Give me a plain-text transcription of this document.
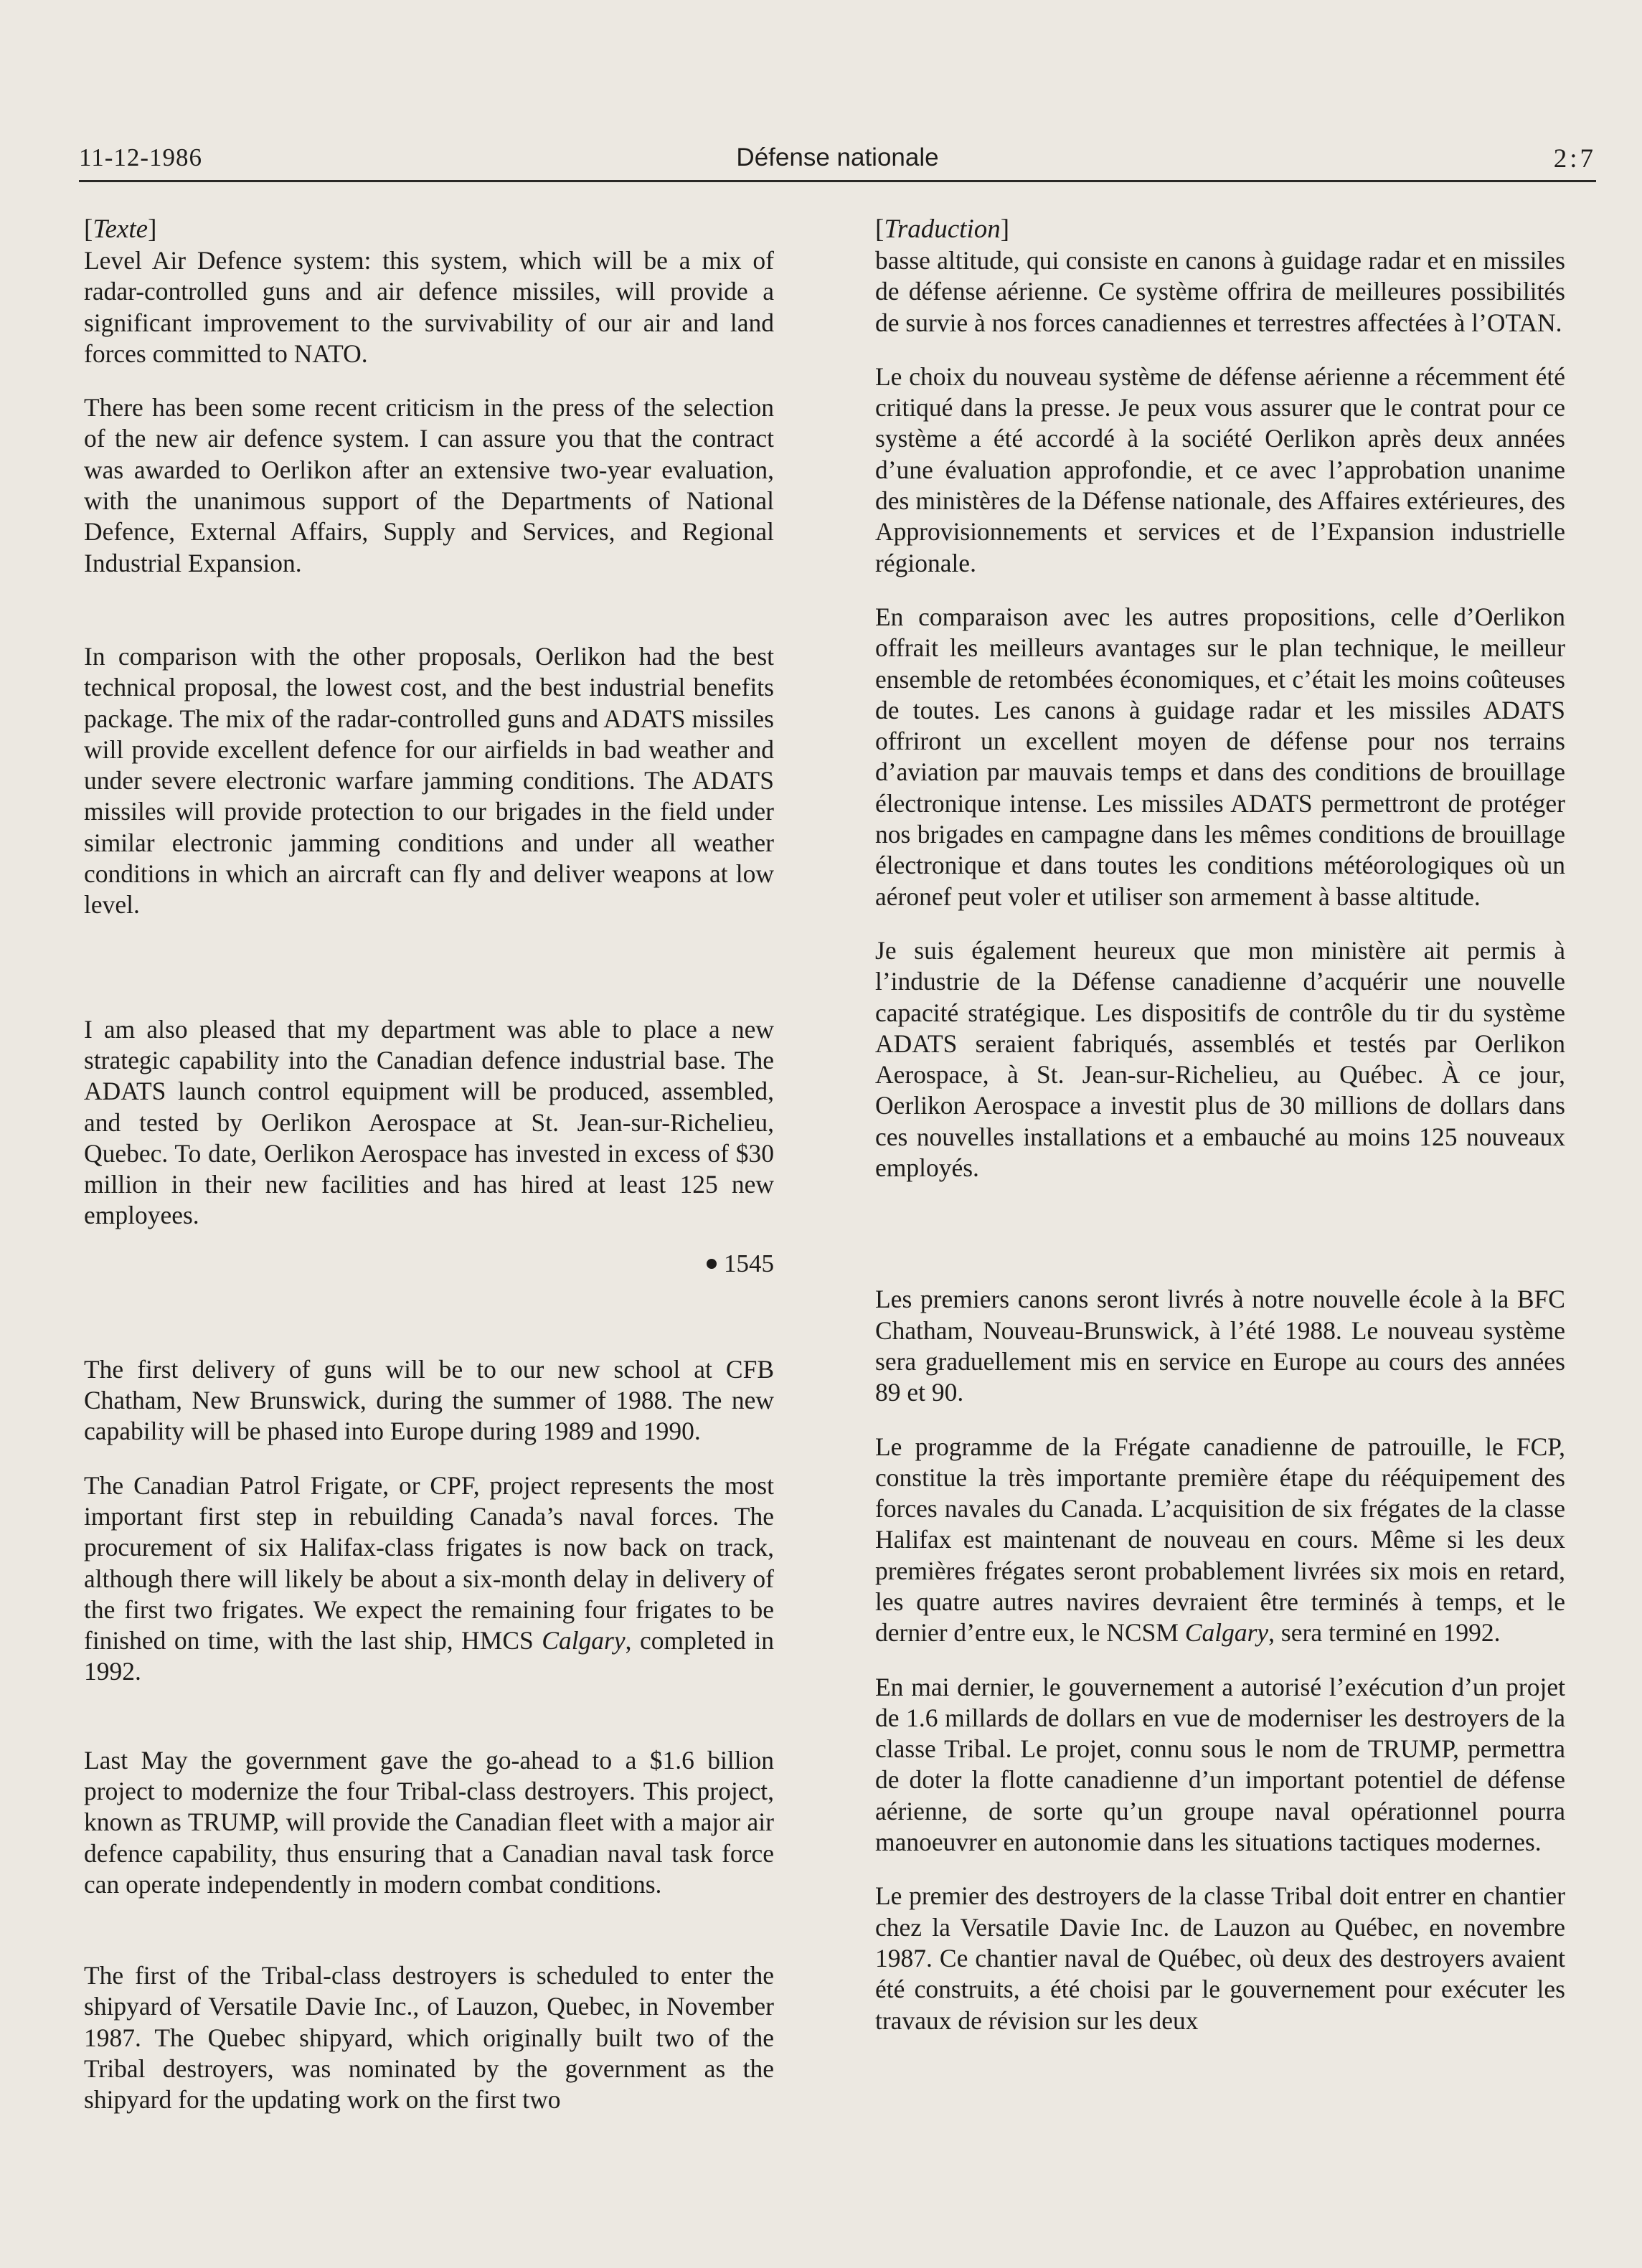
11-12-1986	Défense nationale	2:7

[Texte]

Level Air Defence system: this system, which will be a mix of radar-controlled guns and air defence missiles, will provide a significant improvement to the survivability of our air and land forces committed to NATO.

There has been some recent criticism in the press of the selection of the new air defence system. I can assure you that the contract was awarded to Oerlikon after an extensive two-year evaluation, with the unanimous support of the Departments of National Defence, External Affairs, Supply and Services, and Regional Industrial Expansion.

In comparison with the other proposals, Oerlikon had the best technical proposal, the lowest cost, and the best industrial benefits package. The mix of the radar-controlled guns and ADATS missiles will provide excellent defence for our airfields in bad weather and under severe electronic warfare jamming conditions. The ADATS missiles will provide protection to our brigades in the field under similar electronic jamming conditions and under all weather conditions in which an aircraft can fly and deliver weapons at low level.

I am also pleased that my department was able to place a new strategic capability into the Canadian defence industrial base. The ADATS launch control equipment will be produced, assembled, and tested by Oerlikon Aerospace at St. Jean-sur-Richelieu, Quebec. To date, Oerlikon Aerospace has invested in excess of $30 million in their new facilities and has hired at least 125 new employees.

The first delivery of guns will be to our new school at CFB Chatham, New Brunswick, during the summer of 1988. The new capability will be phased into Europe during 1989 and 1990.

The Canadian Patrol Frigate, or CPF, project represents the most important first step in rebuilding Canada’s naval forces. The procurement of six Halifax-class frigates is now back on track, although there will likely be about a six-month delay in delivery of the first two frigates. We expect the remaining four frigates to be finished on time, with the last ship, HMCS Calgary, completed in 1992.

Last May the government gave the go-ahead to a $1.6 billion project to modernize the four Tribal-class destroyers. This project, known as TRUMP, will provide the Canadian fleet with a major air defence capability, thus ensuring that a Canadian naval task force can operate independently in modern combat conditions.

The first of the Tribal-class destroyers is scheduled to enter the shipyard of Versatile Davie Inc., of Lauzon, Quebec, in November 1987. The Quebec shipyard, which originally built two of the Tribal destroyers, was nominated by the government as the shipyard for the updating work on the first two

1545

[Traduction]

basse altitude, qui consiste en canons à guidage radar et en missiles de défense aérienne. Ce système offrira de meilleures possibilités de survie à nos forces canadiennes et terrestres affectées à l’OTAN.

Le choix du nouveau système de défense aérienne a récemment été critiqué dans la presse. Je peux vous assurer que le contrat pour ce système a été accordé à la société Oerlikon après deux années d’une évaluation approfondie, et ce avec l’approbation unanime des ministères de la Défense nationale, des Affaires extérieures, des Approvisionnements et services et de l’Expansion industrielle régionale.

En comparaison avec les autres propositions, celle d’Oerlikon offrait les meilleurs avantages sur le plan technique, le meilleur ensemble de retombées économiques, et c’était les moins coûteuses de toutes. Les canons à guidage radar et les missiles ADATS offriront un excellent moyen de défense pour nos terrains d’aviation par mauvais temps et dans des conditions de brouillage électronique intense. Les missiles ADATS permettront de protéger nos brigades en campagne dans les mêmes conditions de brouillage électronique et dans toutes les conditions météorologiques où un aéronef peut voler et utiliser son armement à basse altitude.

Je suis également heureux que mon ministère ait permis à l’industrie de la Défense canadienne d’acquérir une nouvelle capacité stratégique. Les dispositifs de contrôle du tir du système ADATS seraient fabriqués, assemblés et testés par Oerlikon Aerospace, à St. Jean-sur-Richelieu, au Québec. À ce jour, Oerlikon Aerospace a investit plus de 30 millions de dollars dans ces nouvelles installations et a embauché au moins 125 nouveaux employés.

Les premiers canons seront livrés à notre nouvelle école à la BFC Chatham, Nouveau-Brunswick, à l’été 1988. Le nouveau système sera graduellement mis en service en Europe au cours des années 89 et 90.

Le programme de la Frégate canadienne de patrouille, le FCP, constitue la très importante première étape du rééquipement des forces navales du Canada. L’acquisition de six frégates de la classe Halifax est maintenant de nouveau en cours. Même si les deux premières frégates seront probablement livrées six mois en retard, les quatre autres navires devraient être terminés à temps, et le dernier d’entre eux, le NCSM Calgary, sera terminé en 1992.

En mai dernier, le gouvernement a autorisé l’exécution d’un projet de 1.6 millards de dollars en vue de moderniser les destroyers de la classe Tribal. Le projet, connu sous le nom de TRUMP, permettra de doter la flotte canadienne d’un important potentiel de défense aérienne, de sorte qu’un groupe naval opérationnel pourra manoeuvrer en autonomie dans les situations tactiques modernes.

Le premier des destroyers de la classe Tribal doit entrer en chantier chez la Versatile Davie Inc. de Lauzon au Québec, en novembre 1987. Ce chantier naval de Québec, où deux des destroyers avaient été construits, a été choisi par le gouvernement pour exécuter les travaux de révision sur les deux
